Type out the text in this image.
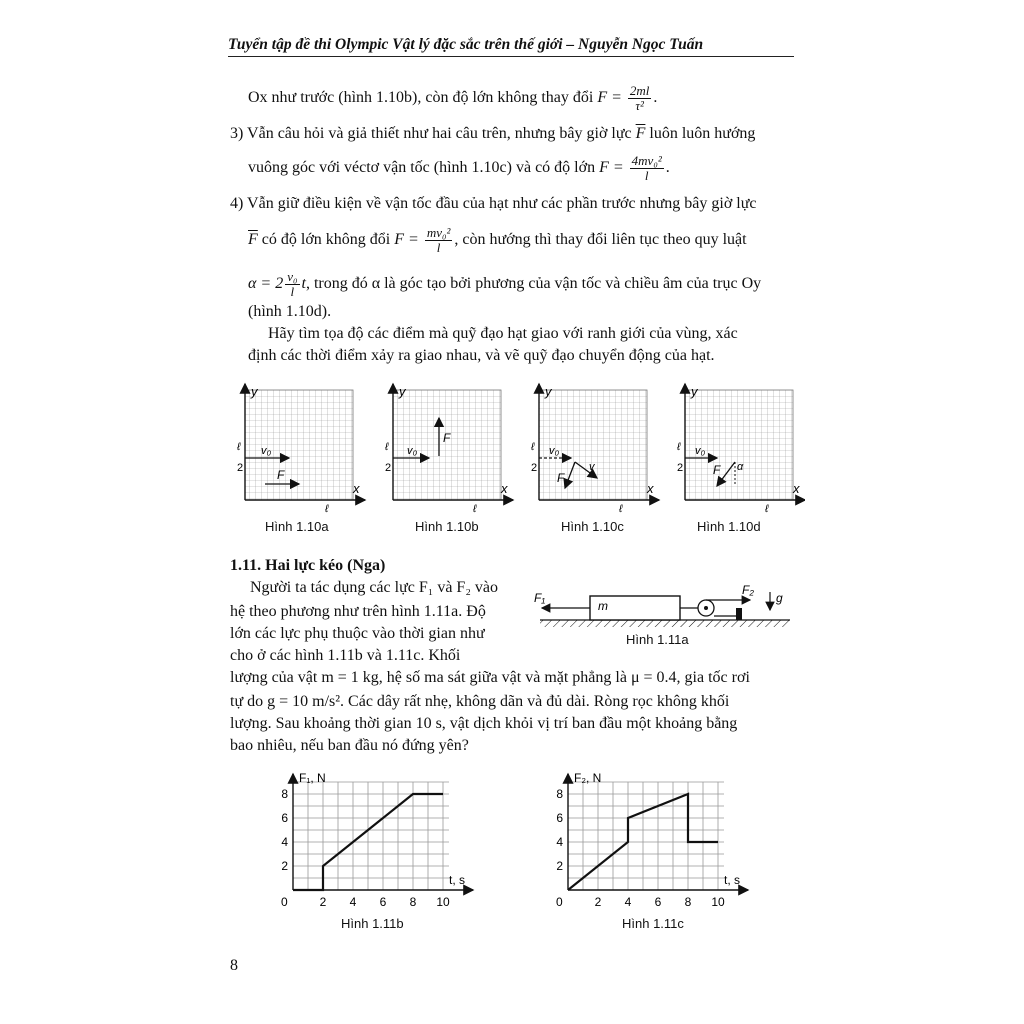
Tuyển tập đề thi Olympic Vật lý đặc sắc trên thế giới – Nguyễn Ngọc Tuấn
Ox như trước (hình 1.10b), còn độ lớn không thay đổi $F = \frac{2ml}{\text{τ²}}$ .
3) Vẫn câu hỏi và giả thiết như hai câu trên, nhưng bây giờ lực $\overline{F}$ luôn luôn hướng
vuông góc với véctơ vận tốc (hình 1.10c) và có độ lớn $F = \frac{\text{4mv₀²}}{l}$ .
4) Vẫn giữ điều kiện về vận tốc đầu của hạt như các phần trước nhưng bây giờ lực
$\overline{F}$ có độ lớn không đổi $F = \frac{\text{mv₀²}}{l}$ , còn hướng thì thay đổi liên tục theo quy luật
$\alpha = 2 \frac{\text{v₀}}{l} t$, trong đó α là góc tạo bởi phương của vận tốc và chiều âm của trục Oy
(hình 1.10d).
Hãy tìm tọa độ các điểm mà quỹ đạo hạt giao với ranh giới của vùng, xác
định các thời điểm xảy ra giao nhau, và vẽ quỹ đạo chuyển động của hạt.
y
x
ℓ
2
ℓ
v₀
F
y
x
ℓ
2
ℓ
v₀
F
y
x
ℓ
2
ℓ
v₀
v
F
y
x
ℓ
2
ℓ
v₀
F α
Hình 1.10a	Hình 1.10b	Hình 1.10c	Hình 1.10d
1.11. Hai lực kéo (Nga)
Người ta tác dụng các lực F₁ và F₂ vào
hệ theo phương như trên hình 1.11a. Độ
lớn các lực phụ thuộc vào thời gian như
cho ở các hình 1.11b và 1.11c. Khối
lượng của vật m = 1 kg, hệ số ma sát giữa vật và mặt phẳng là μ = 0.4, gia tốc rơi
tự do g = 10 m/s². Các dây rất nhẹ, không dãn và đủ dài. Ròng rọc không khối
lượng. Sau khoảng thời gian 10 s, vật dịch khỏi vị trí ban đầu một khoảng bằng
bao nhiêu, nếu ban đầu nó đứng yên?
m
F₁
F₂
g
Hình 1.11a
0	2 4 6 8 10
2
4
6
8
F₁, N
t, s
0	2 4 6 8 10
2
4
6
8
F₂, N
t, s
Hình 1.11b	Hình 1.11c
8
